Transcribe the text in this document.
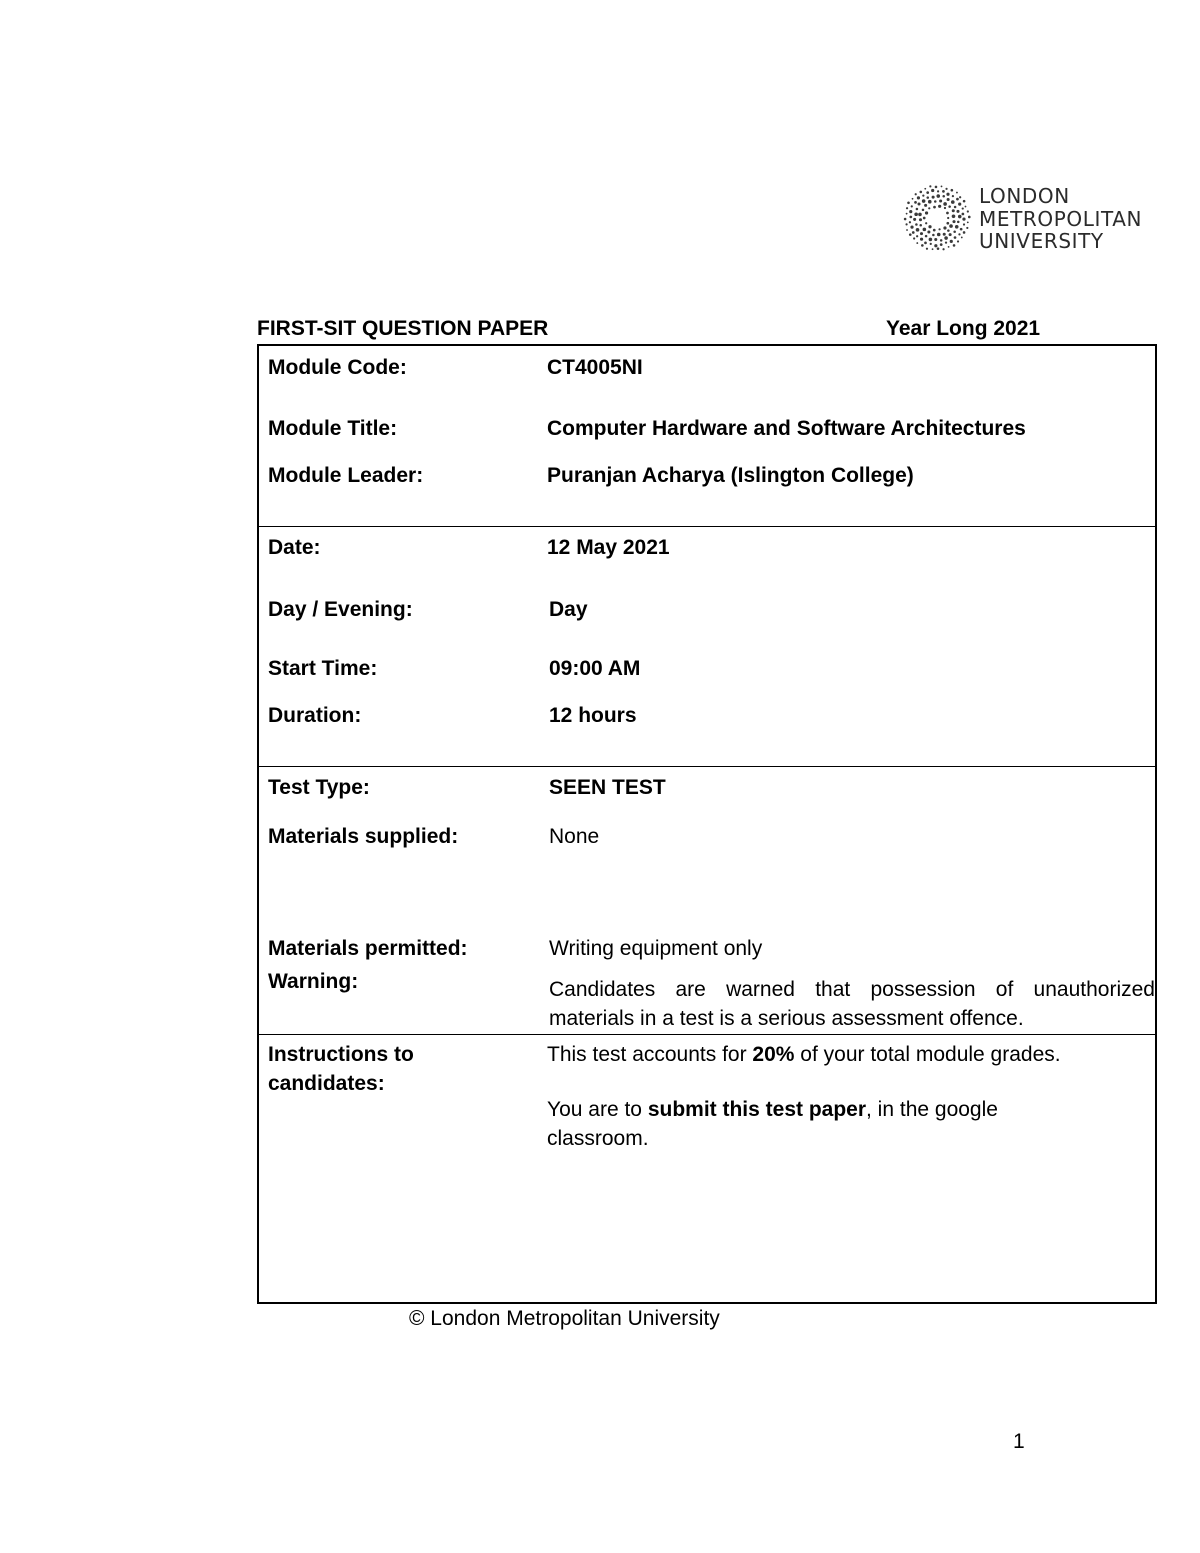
LONDON
METROPOLITAN
UNIVERSITY
FIRST-SIT QUESTION PAPER	Year Long 2021
Module Code:	CT4005NI
Module Title:	Computer Hardware and Software Architectures
Module Leader:	Puranjan Acharya (Islington College)
Date:	12 May 2021
Day / Evening:	Day
Start Time:	09:00 AM
Duration:	12 hours
Test Type:	SEEN TEST
Materials supplied:	None
Materials permitted:	Writing equipment only
Warning:	Candidates are warned that possession of unauthorized materials in a test is a serious assessment offence.
Instructions to
candidates:
This test accounts for 20% of your total module grades.
You are to submit this test paper, in the google classroom.
© London Metropolitan University
1
